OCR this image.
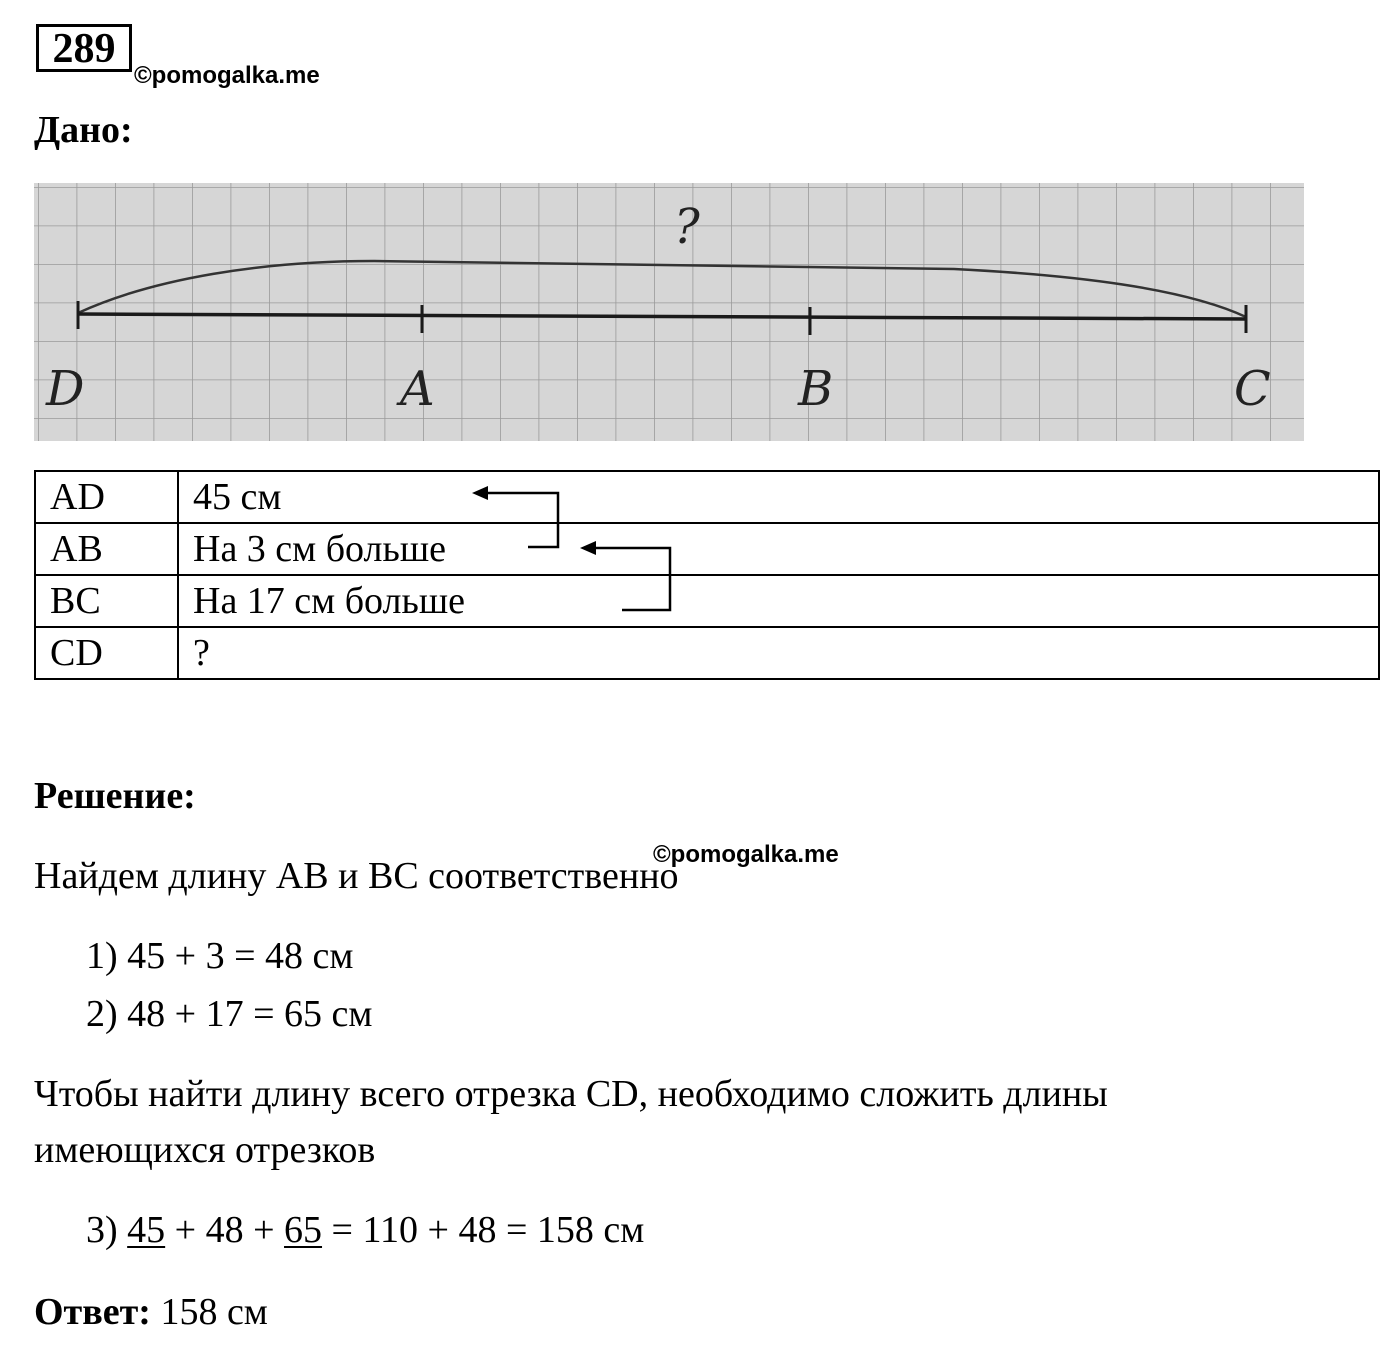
289
©pomogalka.me
Дано:
?
D	A	B	C
AD	45 см
AB	На 3 см больше
BC	На 17 см больше
CD	?
Решение:
©pomogalka.me
Найдем длину AB и BC соответственно
1) 45 + 3 = 48 см
2) 48 + 17 = 65 см
Чтобы найти длину всего отрезка CD, необходимо сложить длины
имеющихся отрезков
3) 45 + 48 + 65 = 110 + 48 = 158 см
Ответ: 158 см
